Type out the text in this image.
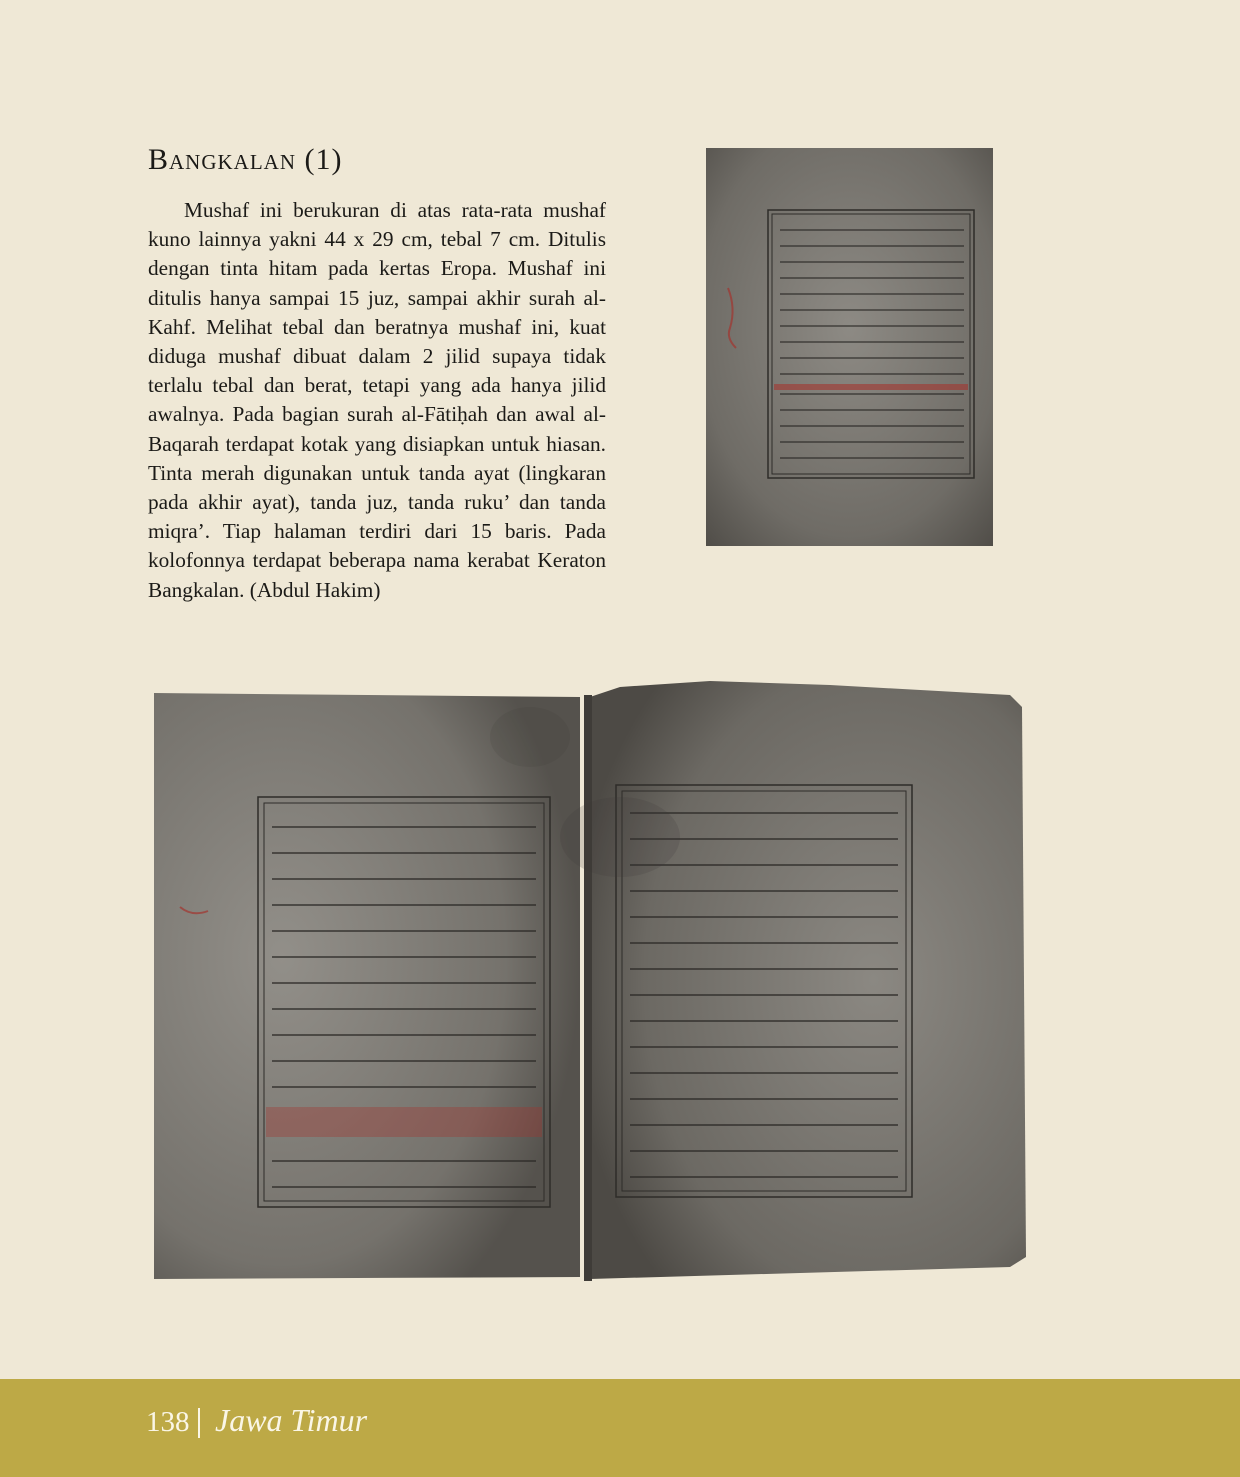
Bangkalan (1)

Mushaf ini berukuran di atas rata-rata mushaf kuno lainnya yakni 44 x 29 cm, tebal 7 cm. Ditulis dengan tinta hitam pada kertas Eropa. Mushaf ini ditulis hanya sampai 15 juz, sampai akhir surah al-Kahf. Melihat tebal dan beratnya mushaf ini, kuat diduga mushaf dibuat dalam 2 jilid supaya tidak terlalu tebal dan berat, tetapi yang ada hanya jilid awalnya. Pada bagian surah al-Fātiḥah dan awal al-Baqarah terdapat kotak yang disiapkan untuk hiasan. Tinta merah digunakan untuk tanda ayat (lingkaran pada akhir ayat), tanda juz, tanda ruku’ dan tanda miqra’. Tiap halaman terdiri dari 15 baris. Pada kolofonnya terdapat beberapa nama kerabat Keraton Bangkalan. (Abdul Hakim)

138 Jawa Timur
